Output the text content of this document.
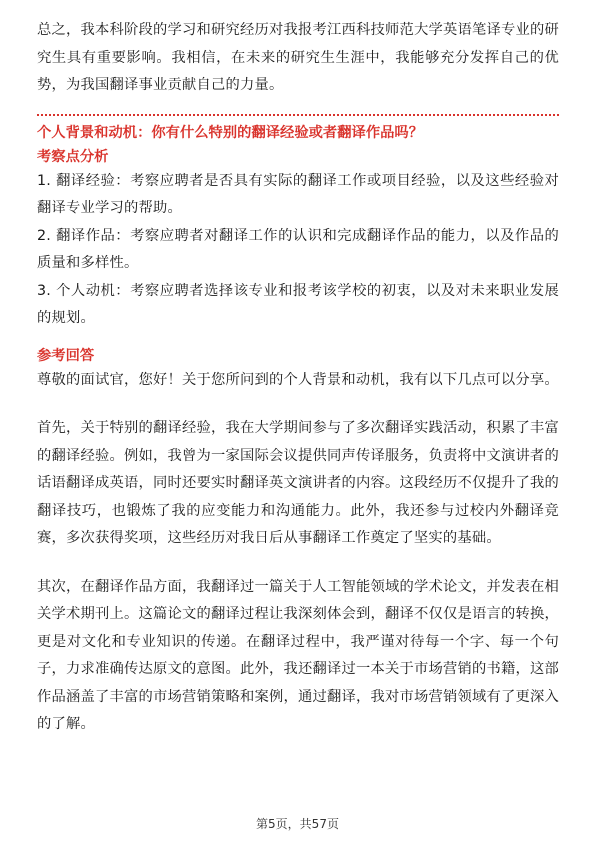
总之，我本科阶段的学习和研究经历对我报考江西科技师范大学英语笔译专业的研究生具有重要影响。我相信，在未来的研究生生涯中，我能够充分发挥自己的优势，为我国翻译事业贡献自己的力量。

个人背景和动机：你有什么特别的翻译经验或者翻译作品吗？
考察点分析

1. 翻译经验：考察应聘者是否具有实际的翻译工作或项目经验，以及这些经验对翻译专业学习的帮助。

2. 翻译作品：考察应聘者对翻译工作的认识和完成翻译作品的能力，以及作品的质量和多样性。

3. 个人动机：考察应聘者选择该专业和报考该学校的初衷，以及对未来职业发展的规划。

参考回答

尊敬的面试官，您好！关于您所问到的个人背景和动机，我有以下几点可以分享。

首先，关于特别的翻译经验，我在大学期间参与了多次翻译实践活动，积累了丰富的翻译经验。例如，我曾为一家国际会议提供同声传译服务，负责将中文演讲者的话语翻译成英语，同时还要实时翻译英文演讲者的内容。这段经历不仅提升了我的翻译技巧，也锻炼了我的应变能力和沟通能力。此外，我还参与过校内外翻译竞赛，多次获得奖项，这些经历对我日后从事翻译工作奠定了坚实的基础。

其次，在翻译作品方面，我翻译过一篇关于人工智能领域的学术论文，并发表在相关学术期刊上。这篇论文的翻译过程让我深刻体会到，翻译不仅仅是语言的转换，更是对文化和专业知识的传递。在翻译过程中，我严谨对待每一个字、每一个句子，力求准确传达原文的意图。此外，我还翻译过一本关于市场营销的书籍，这部作品涵盖了丰富的市场营销策略和案例，通过翻译，我对市场营销领域有了更深入的了解。

第5页，共57页
